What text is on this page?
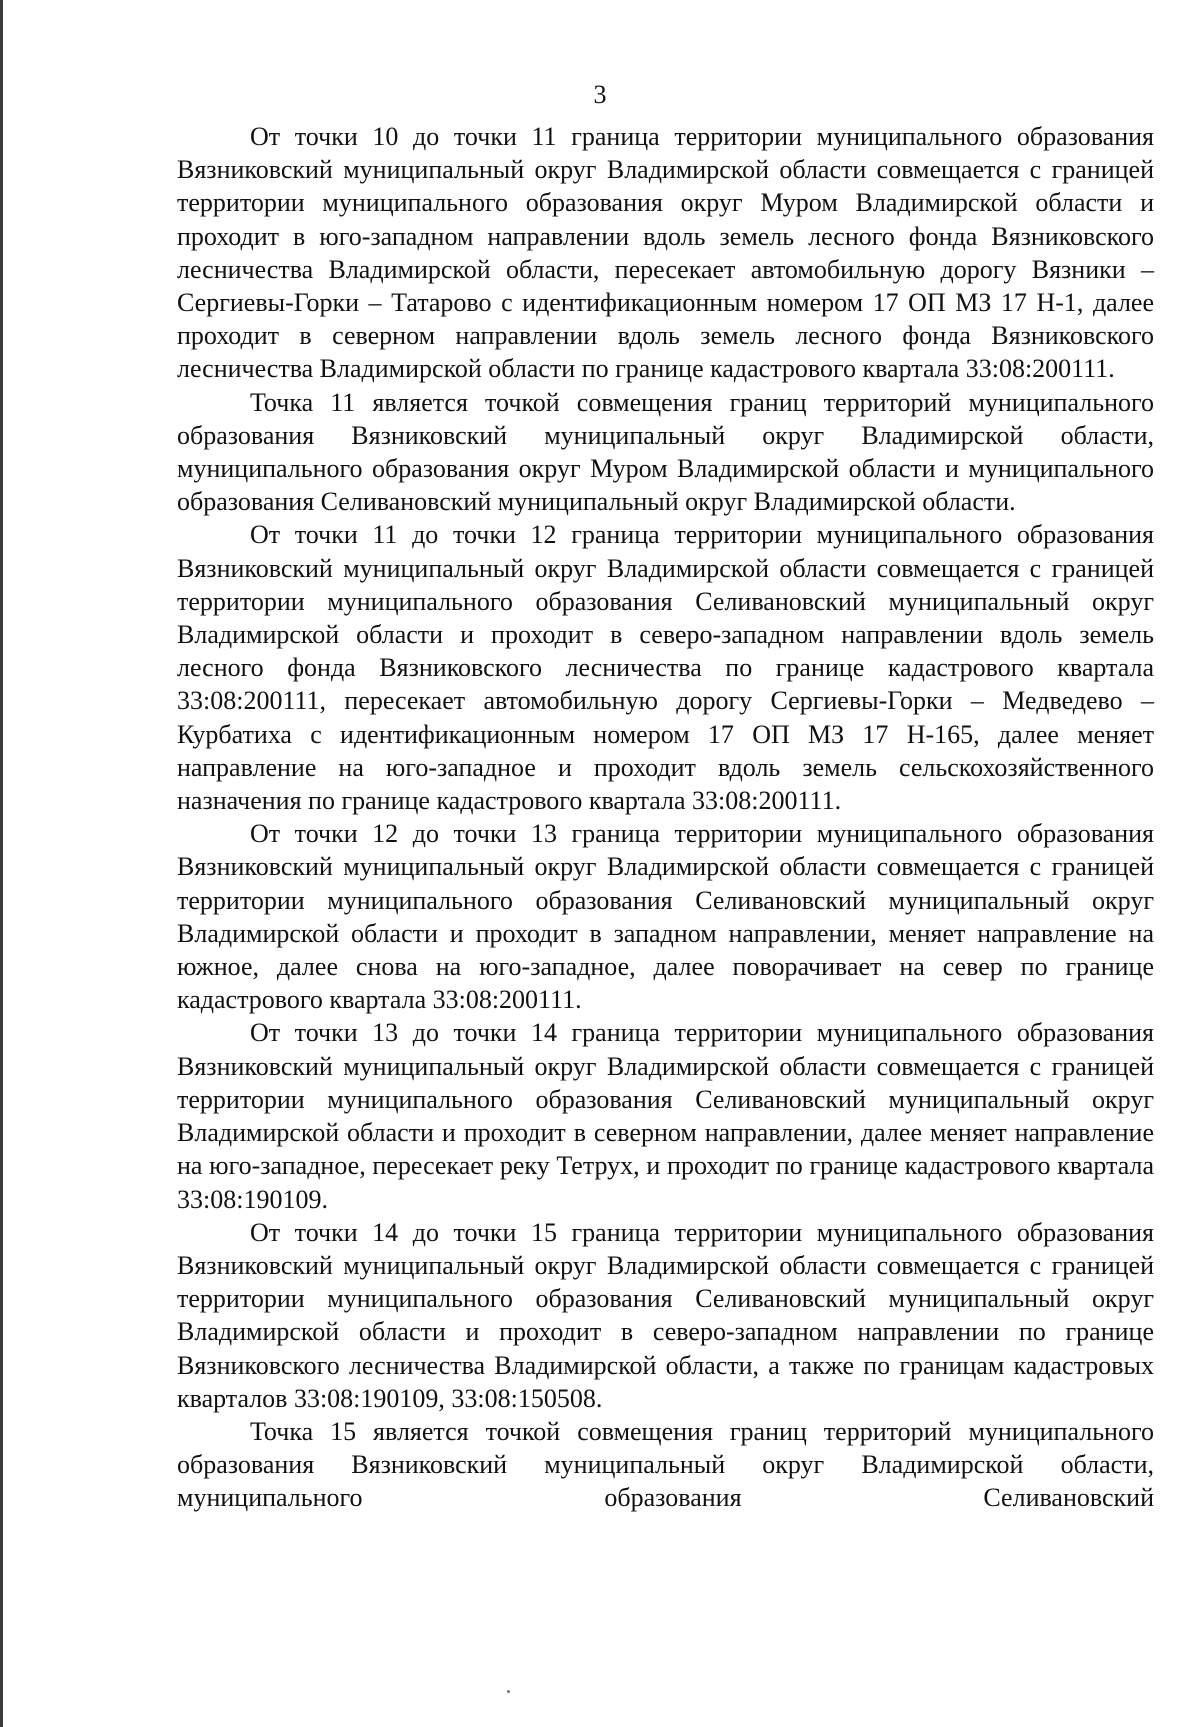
3

От точки 10 до точки 11 граница территории муниципального образования Вязниковский муниципальный округ Владимирской области совмещается с границей территории муниципального образования округ Муром Владимирской области и проходит в юго-западном направлении вдоль земель лесного фонда Вязниковского лесничества Владимирской области, пересекает автомобильную дорогу Вязники – Сергиевы-Горки – Татарово с идентификационным номером 17 ОП МЗ 17 Н-1, далее проходит в северном направлении вдоль земель лесного фонда Вязниковского лесничества Владимирской области по границе кадастрового квартала 33:08:200111.

Точка 11 является точкой совмещения границ территорий муниципального образования Вязниковский муниципальный округ Владимирской области, муниципального образования округ Муром Владимирской области и муниципального образования Селивановский муниципальный округ Владимирской области.

От точки 11 до точки 12 граница территории муниципального образования Вязниковский муниципальный округ Владимирской области совмещается с границей территории муниципального образования Селивановский муниципальный округ Владимирской области и проходит в северо-западном направлении вдоль земель лесного фонда Вязниковского лесничества по границе кадастрового квартала 33:08:200111, пересекает автомобильную дорогу Сергиевы-Горки – Медведево – Курбатиха с идентификационным номером 17 ОП МЗ 17 Н-165, далее меняет направление на юго-западное и проходит вдоль земель сельскохозяйственного назначения по границе кадастрового квартала 33:08:200111.

От точки 12 до точки 13 граница территории муниципального образования Вязниковский муниципальный округ Владимирской области совмещается с границей территории муниципального образования Селивановский муниципальный округ Владимирской области и проходит в западном направлении, меняет направление на южное, далее снова на юго-западное, далее поворачивает на север по границе кадастрового квартала 33:08:200111.

От точки 13 до точки 14 граница территории муниципального образования Вязниковский муниципальный округ Владимирской области совмещается с границей территории муниципального образования Селивановский муниципальный округ Владимирской области и проходит в северном направлении, далее меняет направление на юго-западное, пересекает реку Тетрух, и проходит по границе кадастрового квартала 33:08:190109.

От точки 14 до точки 15 граница территории муниципального образования Вязниковский муниципальный округ Владимирской области совмещается с границей территории муниципального образования Селивановский муниципальный округ Владимирской области и проходит в северо-западном направлении по границе Вязниковского лесничества Владимирской области, а также по границам кадастровых кварталов 33:08:190109, 33:08:150508.

Точка 15 является точкой совмещения границ территорий муниципального образования Вязниковский муниципальный округ Владимирской области, муниципального образования Селивановский
